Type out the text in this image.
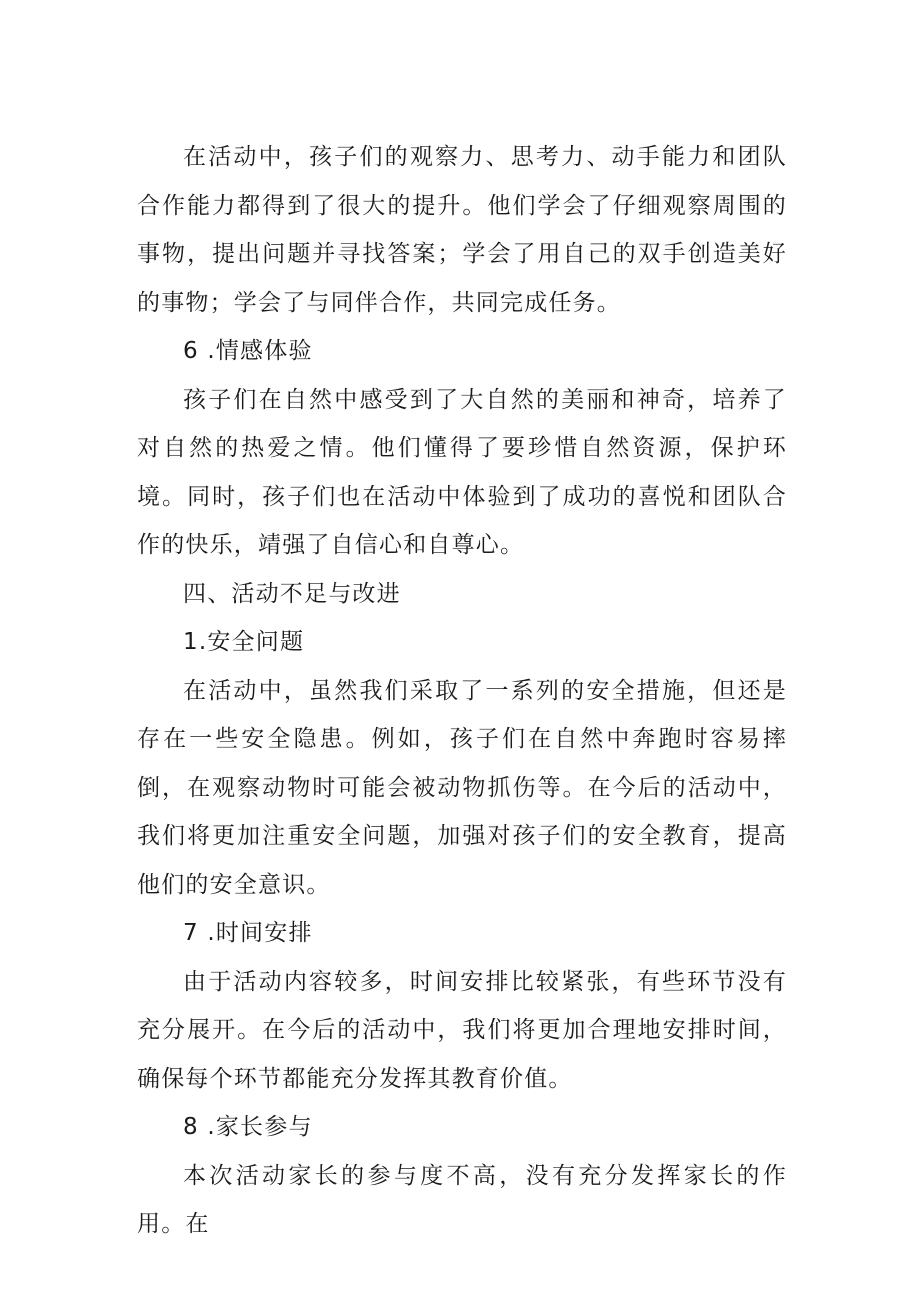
在活动中，孩子们的观察力、思考力、动手能力和团队合作能力都得到了很大的提升。他们学会了仔细观察周围的事物，提出问题并寻找答案；学会了用自己的双手创造美好的事物；学会了与同伴合作，共同完成任务。

6 .情感体验

孩子们在自然中感受到了大自然的美丽和神奇，培养了对自然的热爱之情。他们懂得了要珍惜自然资源，保护环境。同时，孩子们也在活动中体验到了成功的喜悦和团队合作的快乐，靖强了自信心和自尊心。

四、活动不足与改进

1.安全问题

在活动中，虽然我们采取了一系列的安全措施，但还是存在一些安全隐患。例如，孩子们在自然中奔跑时容易摔倒，在观察动物时可能会被动物抓伤等。在今后的活动中，我们将更加注重安全问题，加强对孩子们的安全教育，提高他们的安全意识。

7 .时间安排

由于活动内容较多，时间安排比较紧张，有些环节没有充分展开。在今后的活动中，我们将更加合理地安排时间，确保每个环节都能充分发挥其教育价值。

8 .家长参与

本次活动家长的参与度不高，没有充分发挥家长的作用。在
